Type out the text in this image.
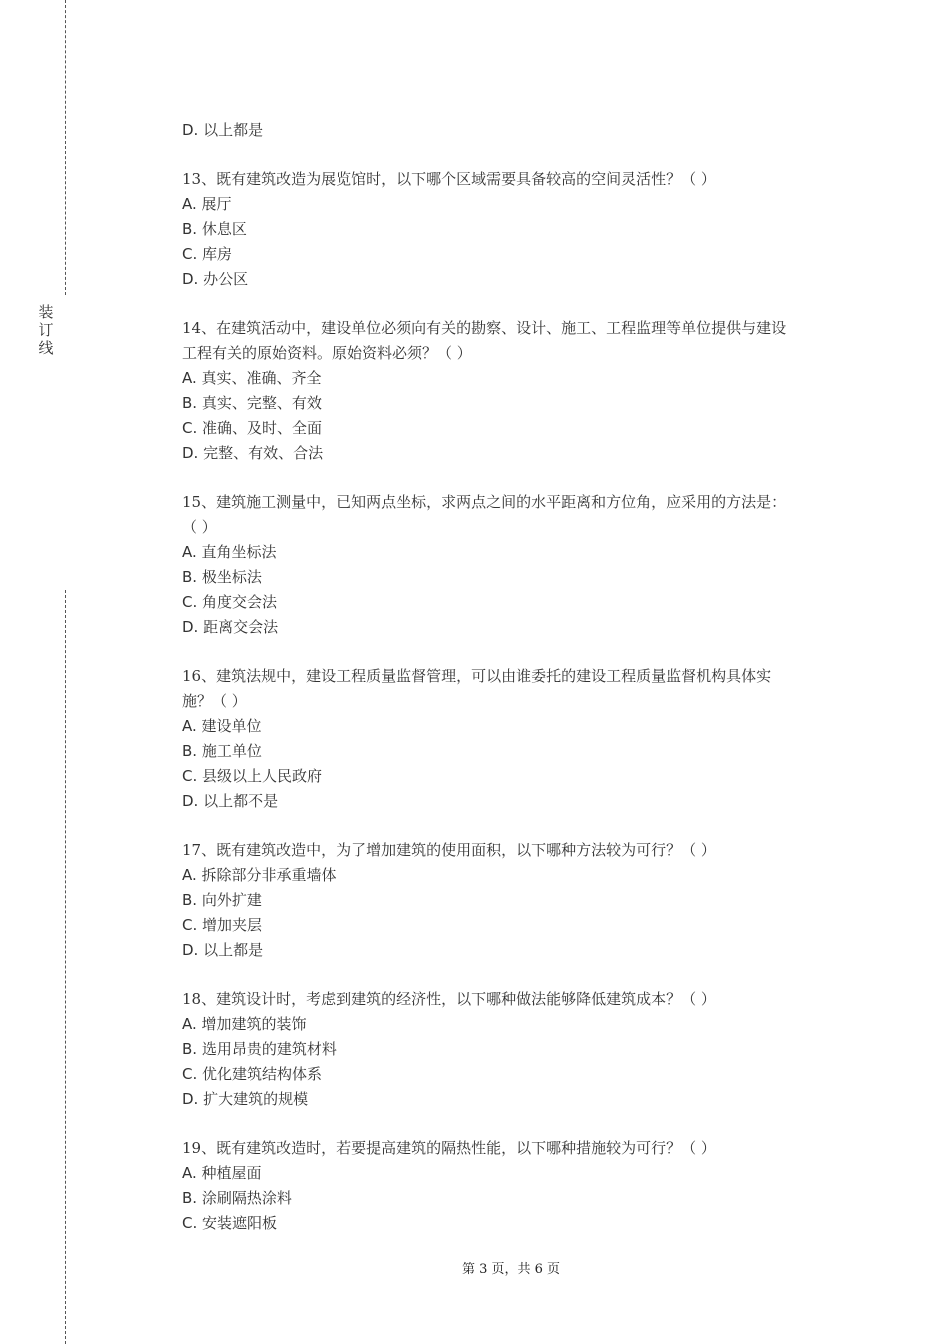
装订线
D. 以上都是
13、既有建筑改造为展览馆时，以下哪个区域需要具备较高的空间灵活性？（ ）
A. 展厅
B. 休息区
C. 库房
D. 办公区
14、在建筑活动中，建设单位必须向有关的勘察、设计、施工、工程监理等单位提供与建设
工程有关的原始资料。原始资料必须？（ ）
A. 真实、准确、齐全
B. 真实、完整、有效
C. 准确、及时、全面
D. 完整、有效、合法
15、建筑施工测量中，已知两点坐标，求两点之间的水平距离和方位角，应采用的方法是：
（ ）
A. 直角坐标法
B. 极坐标法
C. 角度交会法
D. 距离交会法
16、建筑法规中，建设工程质量监督管理，可以由谁委托的建设工程质量监督机构具体实
施？（ ）
A. 建设单位
B. 施工单位
C. 县级以上人民政府
D. 以上都不是
17、既有建筑改造中，为了增加建筑的使用面积，以下哪种方法较为可行？（ ）
A. 拆除部分非承重墙体
B. 向外扩建
C. 增加夹层
D. 以上都是
18、建筑设计时，考虑到建筑的经济性，以下哪种做法能够降低建筑成本？（ ）
A. 增加建筑的装饰
B. 选用昂贵的建筑材料
C. 优化建筑结构体系
D. 扩大建筑的规模
19、既有建筑改造时，若要提高建筑的隔热性能，以下哪种措施较为可行？（ ）
A. 种植屋面
B. 涂刷隔热涂料
C. 安装遮阳板
第 3 页，共 6 页
